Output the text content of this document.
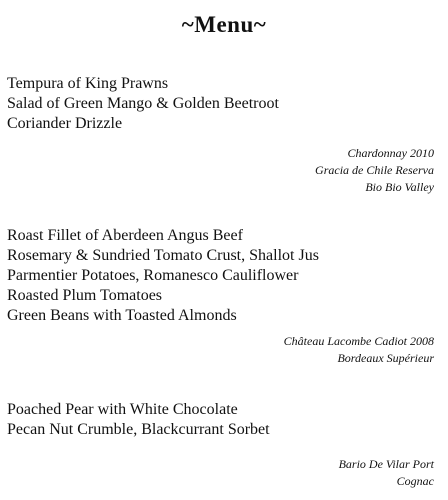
~Menu~
Tempura of King Prawns
Salad of Green Mango & Golden Beetroot
Coriander Drizzle
Chardonnay 2010
Gracia de Chile Reserva
Bio Bio Valley
Roast Fillet of Aberdeen Angus Beef
Rosemary & Sundried Tomato Crust, Shallot Jus
Parmentier Potatoes, Romanesco Cauliflower
Roasted Plum Tomatoes
Green Beans with Toasted Almonds
Château Lacombe Cadiot 2008
Bordeaux Supérieur
Poached Pear with White Chocolate
Pecan Nut Crumble, Blackcurrant Sorbet
Bario De Vilar Port
Cognac
